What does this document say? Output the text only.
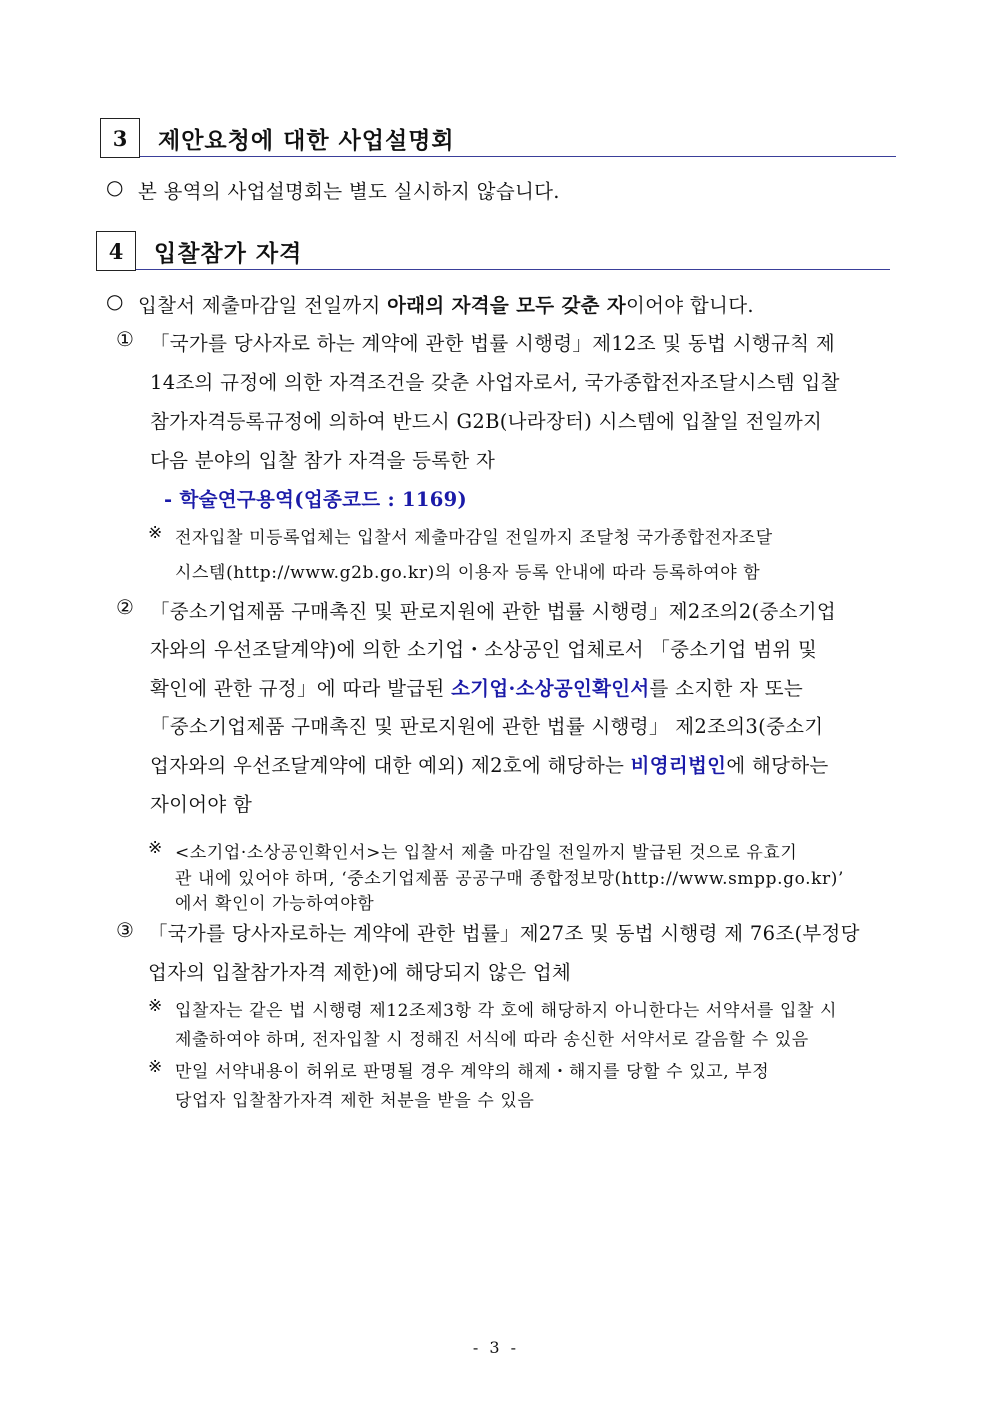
3	제안요청에 대한 사업설명회
○ 본 용역의 사업설명회는 별도 실시하지 않습니다.
4	입찰참가 자격
○ 입찰서 제출마감일 전일까지 아래의 자격을 모두 갖춘 자이어야 합니다.
① 「국가를 당사자로 하는 계약에 관한 법률 시행령」제12조 및 동법 시행규칙 제
14조의 규정에 의한 자격조건을 갖춘 사업자로서, 국가종합전자조달시스템 입찰
참가자격등록규정에 의하여 반드시 G2B(나라장터) 시스템에 입찰일 전일까지
다음 분야의 입찰 참가 자격을 등록한 자
- 학술연구용역(업종코드 : 1169)
※ 전자입찰 미등록업체는 입찰서 제출마감일 전일까지 조달청 국가종합전자조달
시스템(http://www.g2b.go.kr)의 이용자 등록 안내에 따라 등록하여야 함
② 「중소기업제품 구매촉진 및 판로지원에 관한 법률 시행령」제2조의2(중소기업
자와의 우선조달계약)에 의한 소기업・소상공인 업체로서 「중소기업 범위 및
확인에 관한 규정」에 따라 발급된 소기업·소상공인확인서를 소지한 자 또는
「중소기업제품 구매촉진 및 판로지원에 관한 법률 시행령」 제2조의3(중소기
업자와의 우선조달계약에 대한 예외) 제2호에 해당하는 비영리법인에 해당하는
자이어야 함
※ <소기업·소상공인확인서>는 입찰서 제출 마감일 전일까지 발급된 것으로 유효기
관 내에 있어야 하며, ‘중소기업제품 공공구매 종합정보망(http://www.smpp.go.kr)’
에서 확인이 가능하여야함
③ 「국가를 당사자로하는 계약에 관한 법률」제27조 및 동법 시행령 제 76조(부정당
업자의 입찰참가자격 제한)에 해당되지 않은 업체
※ 입찰자는 같은 법 시행령 제12조제3항 각 호에 해당하지 아니한다는 서약서를 입찰 시
제출하여야 하며, 전자입찰 시 정해진 서식에 따라 송신한 서약서로 갈음할 수 있음
※ 만일 서약내용이 허위로 판명될 경우 계약의 해제・해지를 당할 수 있고, 부정
당업자 입찰참가자격 제한 처분을 받을 수 있음
- 3 -
